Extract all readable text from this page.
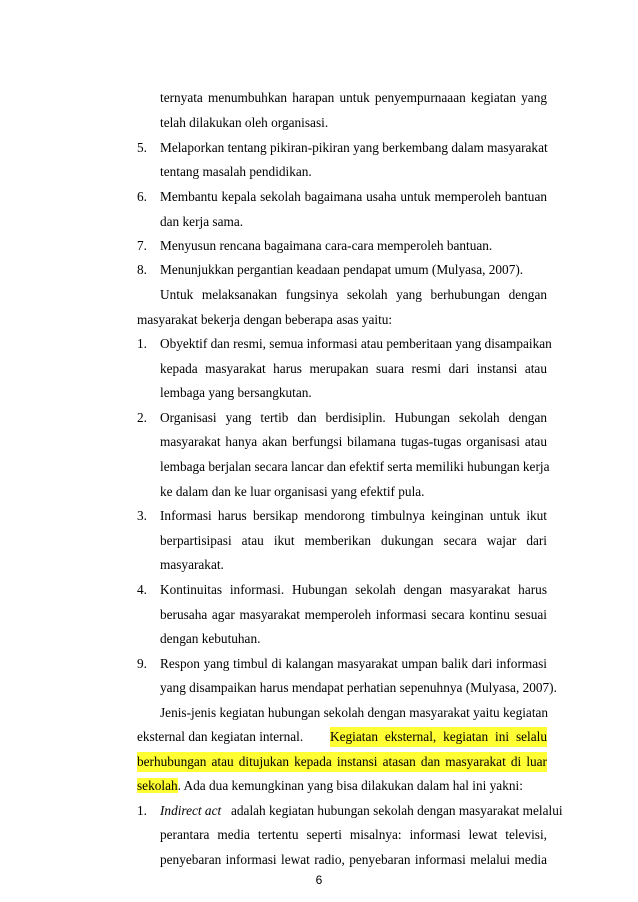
ternyata menumbuhkan harapan untuk penyempurnaaan kegiatan yang
telah dilakukan oleh organisasi.
5. Melaporkan tentang pikiran-pikiran yang berkembang dalam masyarakat
tentang masalah pendidikan.
6. Membantu kepala sekolah bagaimana usaha untuk memperoleh bantuan
dan kerja sama.
7. Menyusun rencana bagaimana cara-cara memperoleh bantuan.
8. Menunjukkan pergantian keadaan pendapat umum (Mulyasa, 2007).
Untuk melaksanakan fungsinya sekolah yang berhubungan dengan
masyarakat bekerja dengan beberapa asas yaitu:
1. Obyektif dan resmi, semua informasi atau pemberitaan yang disampaikan
kepada masyarakat harus merupakan suara resmi dari instansi atau
lembaga yang bersangkutan.
2. Organisasi yang tertib dan berdisiplin. Hubungan sekolah dengan
masyarakat hanya akan berfungsi bilamana tugas-tugas organisasi atau
lembaga berjalan secara lancar dan efektif serta memiliki hubungan kerja
ke dalam dan ke luar organisasi yang efektif pula.
3. Informasi harus bersikap mendorong timbulnya keinginan untuk ikut
berpartisipasi atau ikut memberikan dukungan secara wajar dari
masyarakat.
4. Kontinuitas informasi. Hubungan sekolah dengan masyarakat harus
berusaha agar masyarakat memperoleh informasi secara kontinu sesuai
dengan kebutuhan.
9. Respon yang timbul di kalangan masyarakat umpan balik dari informasi
yang disampaikan harus mendapat perhatian sepenuhnya (Mulyasa, 2007).
Jenis-jenis kegiatan hubungan sekolah dengan masyarakat yaitu kegiatan
eksternal dan kegiatan internal. Kegiatan eksternal, kegiatan ini selalu
berhubungan atau ditujukan kepada instansi atasan dan masyarakat di luar
sekolah. Ada dua kemungkinan yang bisa dilakukan dalam hal ini yakni:
1. Indirect act adalah kegiatan hubungan sekolah dengan masyarakat melalui
perantara media tertentu seperti misalnya: informasi lewat televisi,
penyebaran informasi lewat radio, penyebaran informasi melalui media
6
